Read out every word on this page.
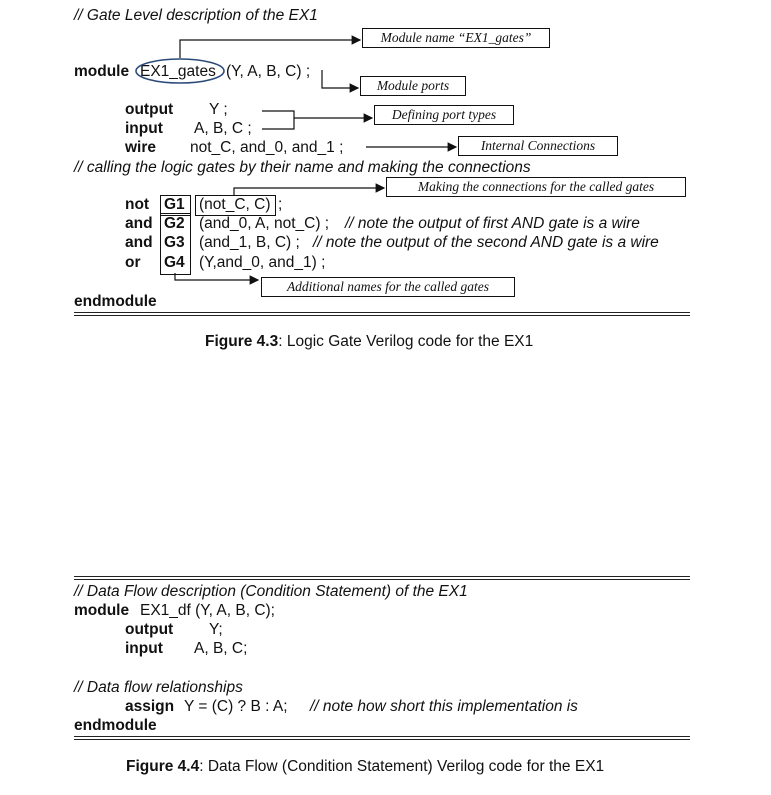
// Gate Level description of the EX1
module EX1_gates (Y, A, B, C) ;
output Y ;
input A, B, C ;
wire not_C, and_0, and_1 ;
// calling the logic gates by their name and making the connections
not G1 (not_C, C) ;
and G2 (and_0, A, not_C) ; // note the output of first AND gate is a wire
and G3 (and_1, B, C) ; // note the output of the second AND gate is a wire
or G4 (Y,and_0, and_1) ;
endmodule
Module name “EX1_gates”
Module ports
Defining port types
Internal Connections
Making the connections for the called gates
Additional names for the called gates
Figure 4.3: Logic Gate Verilog code for the EX1
// Data Flow description (Condition Statement) of the EX1
module EX1_df (Y, A, B, C);
output Y;
input A, B, C;
// Data flow relationships
assign Y = (C) ? B : A; // note how short this implementation is
endmodule
Figure 4.4: Data Flow (Condition Statement) Verilog code for the EX1
